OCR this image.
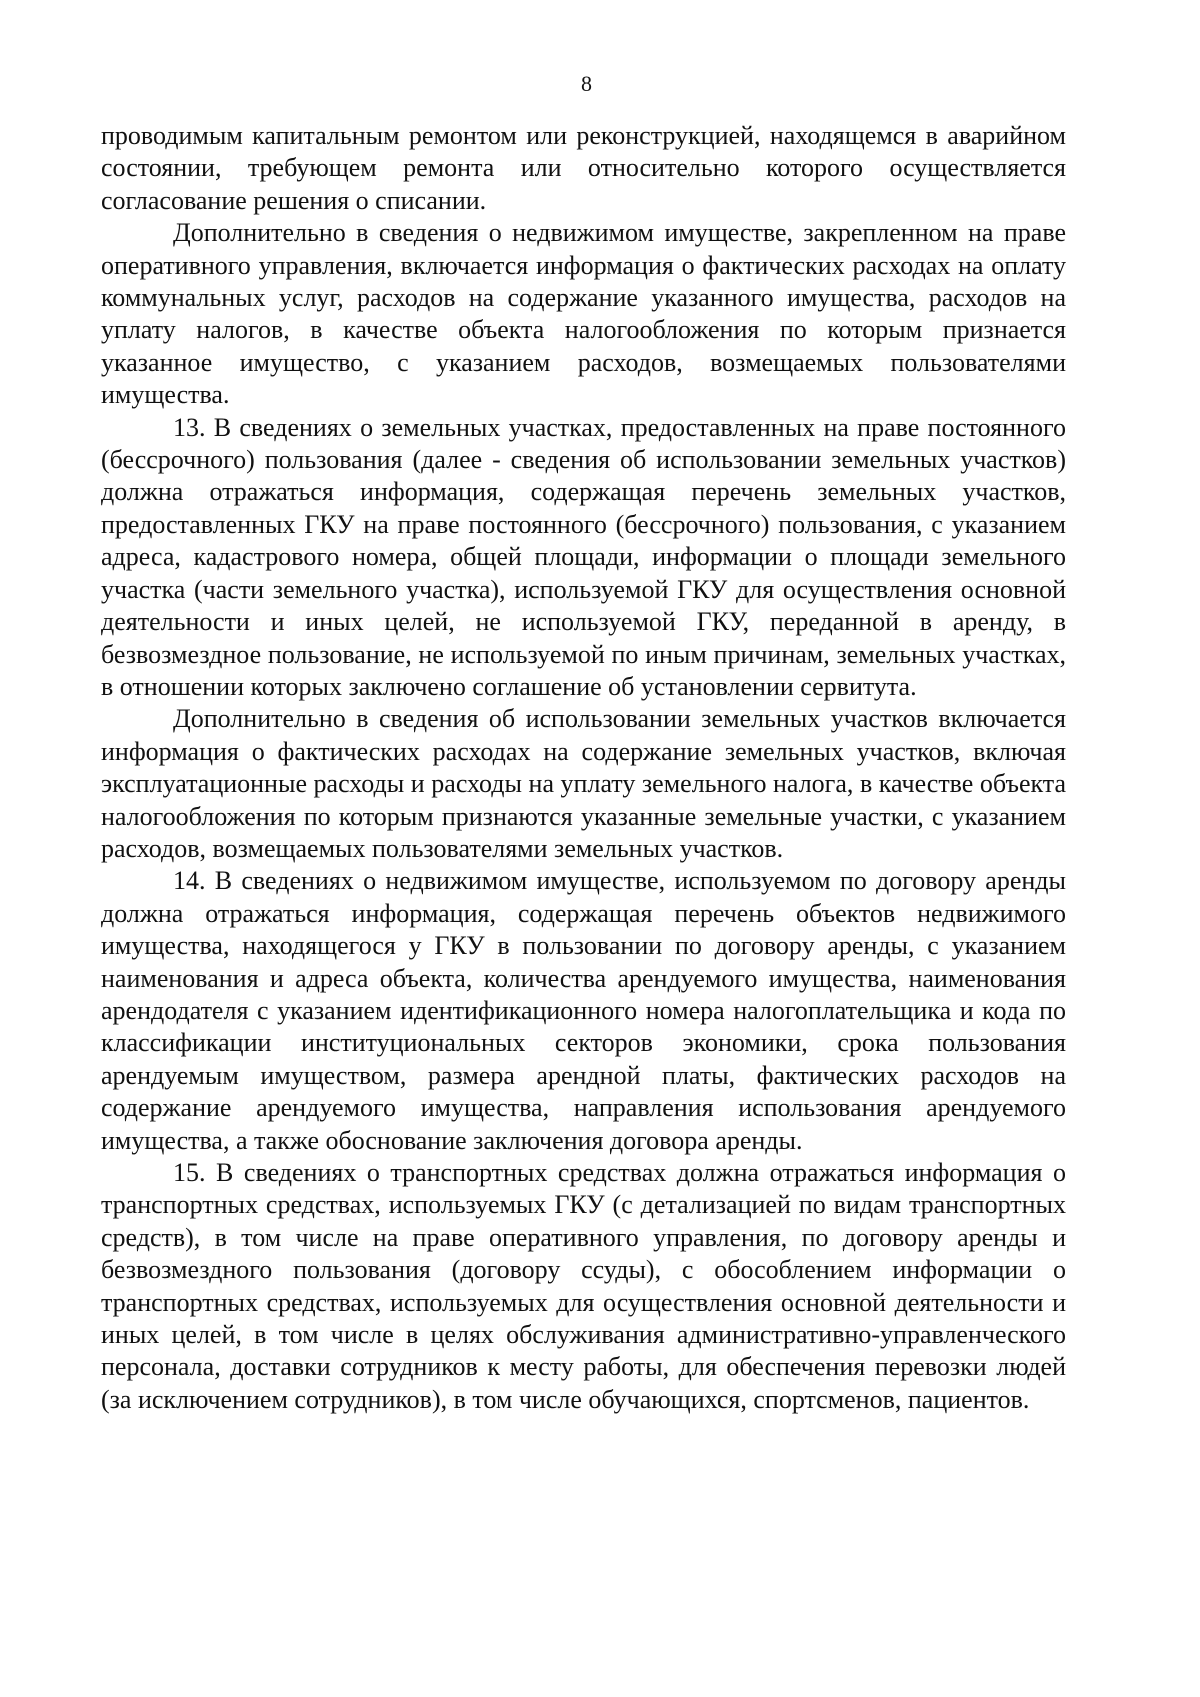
8

проводимым капитальным ремонтом или реконструкцией, находящемся в аварийном состоянии, требующем ремонта или относительно которого осуществляется согласование решения о списании.

Дополнительно в сведения о недвижимом имуществе, закрепленном на праве оперативного управления, включается информация о фактических расходах на оплату коммунальных услуг, расходов на содержание указанного имущества, расходов на уплату налогов, в качестве объекта налогообложения по которым признается указанное имущество, с указанием расходов, возмещаемых пользователями имущества.

13. В сведениях о земельных участках, предоставленных на праве постоянного (бессрочного) пользования (далее - сведения об использовании земельных участков) должна отражаться информация, содержащая перечень земельных участков, предоставленных ГКУ на праве постоянного (бессрочного) пользования, с указанием адреса, кадастрового номера, общей площади, информации о площади земельного участка (части земельного участка), используемой ГКУ для осуществления основной деятельности и иных целей, не используемой ГКУ, переданной в аренду, в безвозмездное пользование, не используемой по иным причинам, земельных участках, в отношении которых заключено соглашение об установлении сервитута.

Дополнительно в сведения об использовании земельных участков включается информация о фактических расходах на содержание земельных участков, включая эксплуатационные расходы и расходы на уплату земельного налога, в качестве объекта налогообложения по которым признаются указанные земельные участки, с указанием расходов, возмещаемых пользователями земельных участков.

14. В сведениях о недвижимом имуществе, используемом по договору аренды должна отражаться информация, содержащая перечень объектов недвижимого имущества, находящегося у ГКУ в пользовании по договору аренды, с указанием наименования и адреса объекта, количества арендуемого имущества, наименования арендодателя с указанием идентификационного номера налогоплательщика и кода по классификации институциональных секторов экономики, срока пользования арендуемым имуществом, размера арендной платы, фактических расходов на содержание арендуемого имущества, направления использования арендуемого имущества, а также обоснование заключения договора аренды.

15. В сведениях о транспортных средствах должна отражаться информация о транспортных средствах, используемых ГКУ (с детализацией по видам транспортных средств), в том числе на праве оперативного управления, по договору аренды и безвозмездного пользования (договору ссуды), с обособлением информации о транспортных средствах, используемых для осуществления основной деятельности и иных целей, в том числе в целях обслуживания административно-управленческого персонала, доставки сотрудников к месту работы, для обеспечения перевозки людей (за исключением сотрудников), в том числе обучающихся, спортсменов, пациентов.
